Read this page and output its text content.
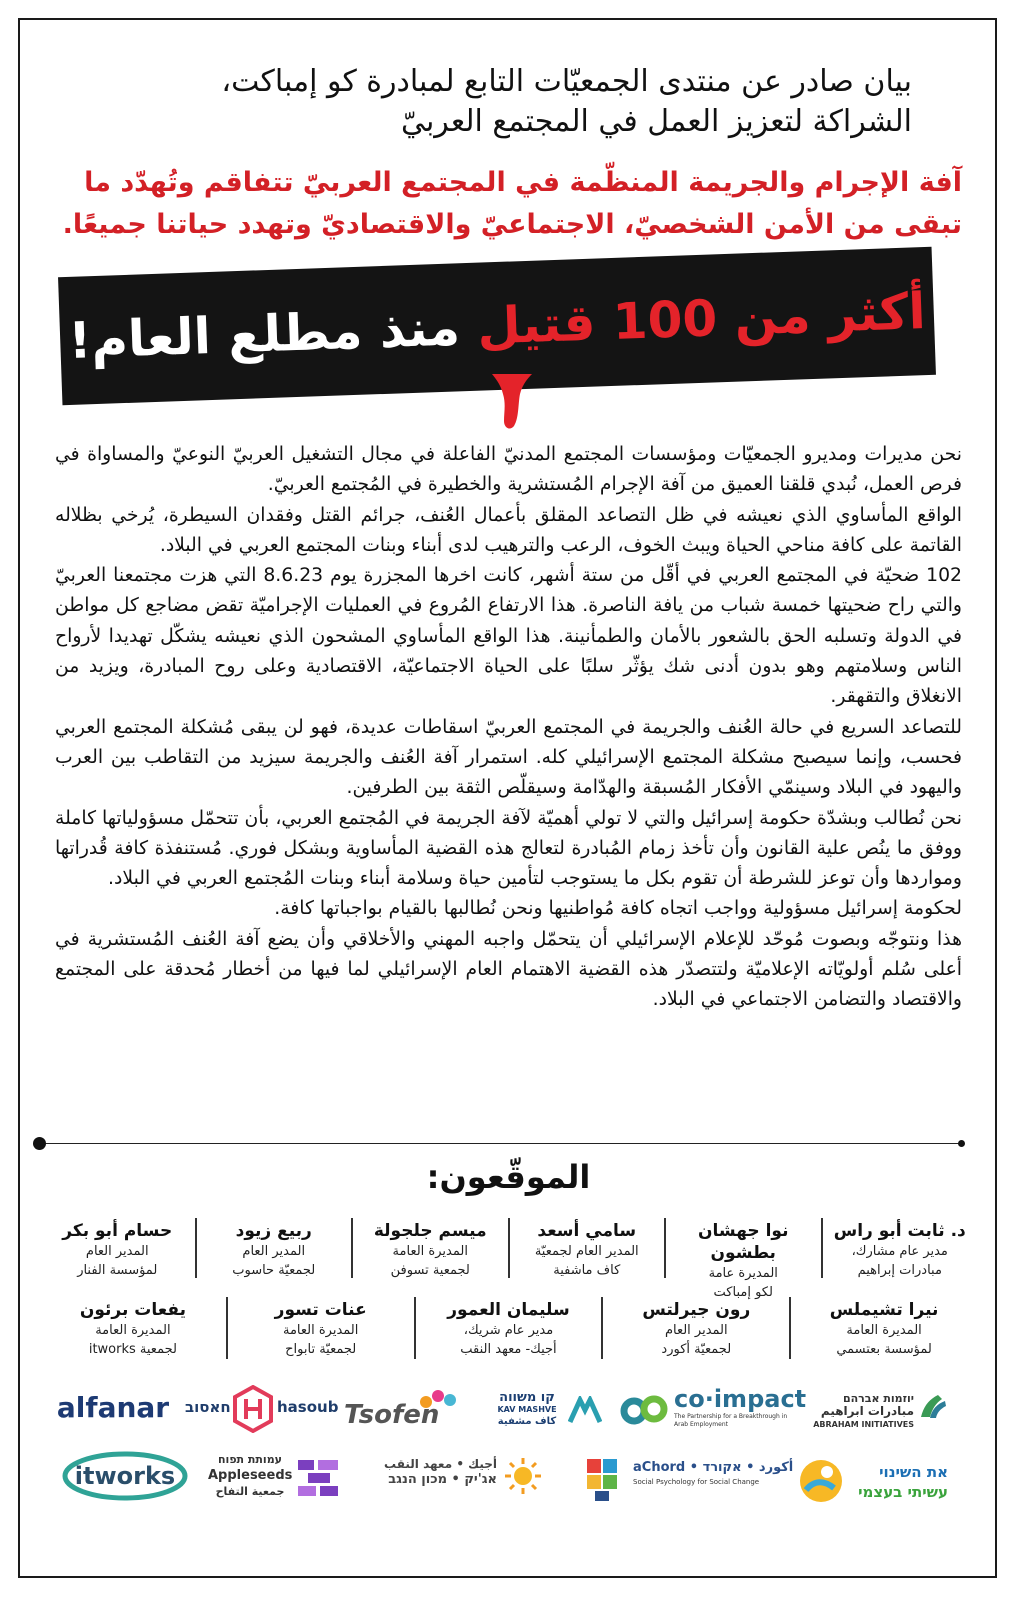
بيان صادر عن منتدى الجمعيّات التابع لمبادرة كو إمباكت،
الشراكة لتعزيز العمل في المجتمع العربيّ
آفة الإجرام والجريمة المنظّمة في المجتمع العربيّ تتفاقم وتُهدّد ما
تبقى من الأمن الشخصيّ، الاجتماعيّ والاقتصاديّ وتهدد حياتنا جميعًا.
أكثر من 100 قتيل منذ مطلع العام!

نحن مديرات ومديرو الجمعيّات ومؤسسات المجتمع المدنيّ الفاعلة في مجال التشغيل العربيّ النوعيّ والمساواة في فرص العمل، نُبدي قلقنا العميق من آفة الإجرام المُستشرية والخطيرة في المُجتمع العربيّ.

الواقع المأساوي الذي نعيشه في ظل التصاعد المقلق بأعمال العُنف، جرائم القتل وفقدان السيطرة، يُرخي بظلاله القاتمة على كافة مناحي الحياة ويبث الخوف، الرعب والترهيب لدى أبناء وبنات المجتمع العربي في البلاد.

102 ضحيّة في المجتمع العربي في أقّل من ستة أشهر، كانت اخرها المجزرة يوم 8.6.23 التي هزت مجتمعنا العربيّ والتي راح ضحيتها خمسة شباب من يافة الناصرة. هذا الارتفاع المُروع في العمليات الإجراميّة تقض مضاجع كل مواطن في الدولة وتسلبه الحق بالشعور بالأمان والطمأنينة. هذا الواقع المأساوي المشحون الذي نعيشه يشكّل تهديدا لأرواح الناس وسلامتهم وهو بدون أدنى شك يؤثّر سلبًا على الحياة الاجتماعيّة، الاقتصادية وعلى روح المبادرة، ويزيد من الانغلاق والتقهقر.

للتصاعد السريع في حالة العُنف والجريمة في المجتمع العربيّ اسقاطات عديدة، فهو لن يبقى مُشكلة المجتمع العربي فحسب، وإنما سيصبح مشكلة المجتمع الإسرائيلي كله. استمرار آفة العُنف والجريمة سيزيد من التقاطب بين العرب واليهود في البلاد وسينمّي الأفكار المُسبقة والهدّامة وسيقلّص الثقة بين الطرفين.

نحن نُطالب وبشدّة حكومة إسرائيل والتي لا تولي أهميّة لآفة الجريمة في المُجتمع العربي، بأن تتحمّل مسؤولياتها كاملة ووفق ما ينُص علية القانون وأن تأخذ زمام المُبادرة لتعالج هذه القضية المأساوية وبشكل فوري. مُستنفذة كافة قُدراتها ومواردها وأن توعز للشرطة أن تقوم بكل ما يستوجب لتأمين حياة وسلامة أبناء وبنات المُجتمع العربي في البلاد.

لحكومة إسرائيل مسؤولية وواجب اتجاه كافة مُواطنيها ونحن نُطالبها بالقيام بواجباتها كافة.

هذا ونتوجّه وبصوت مُوحّد للإعلام الإسرائيلي أن يتحمّل واجبه المهني والأخلاقي وأن يضع آفة العُنف المُستشرية في أعلى سُلم أولويّاته الإعلاميّة ولتتصدّر هذه القضية الاهتمام العام الإسرائيلي لما فيها من أخطار مُحدقة على المجتمع والاقتصاد والتضامن الاجتماعي في البلاد.

الموقّعون:
د. ثابت أبو راس
مدير عام مشارك،
مبادرات إبراهيم
نوا جهشان بطشون
المديرة عامة
لكو إمباكت
سامي أسعد
المدير العام لجمعيّة
كاف ماشفية
ميسم جلجولة
المديرة العامة
لجمعية تسوفن
ربيع زيود
المدير العام
لجمعيّة حاسوب
حسام أبو بكر
المدير العام
لمؤسسة الفنار
نيرا تشيملس
المديرة العامة
لمؤسسة بعتسمي
رون جيرلتس
المدير العام
لجمعيّة أكورد
سليمان العمور
مدير عام شريك،
أجيك- معهد النقب
عنات تسور
المديرة العامة
لجمعيّة تابواح
يفعات برئون
المديرة العامة
لجمعية itworks
יוזמות אברהם
مبادرات ابراهيم
ABRAHAM INITIATIVES
co·impact
The Partnership for a Breakthrough in Arab Employment
קו משווה
KAV MASHVE
كاف مشفية
Tsofen
חאסוב	hasoub
alfanar
את השינוי
עשיתי בעצמי
aChord • أكورد • אקורד
Social Psychology for Social Change
أجيك • معهد النقب
אג'יק • מכון הנגב
עמותת תפוח
Appleseeds
جمعية التفاح
itworks
